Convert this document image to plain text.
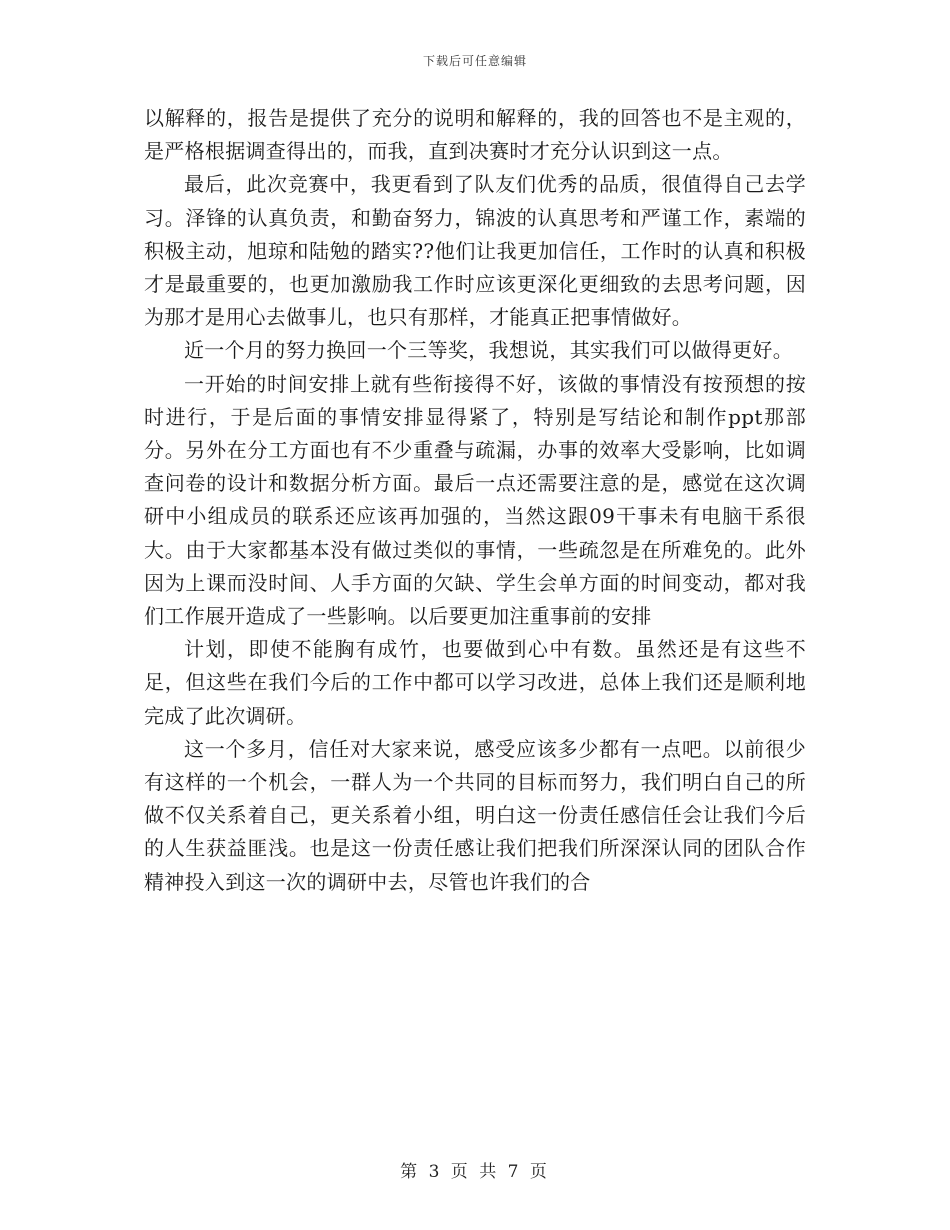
下载后可任意编辑

以解释的，报告是提供了充分的说明和解释的，我的回答也不是主观的，是严格根据调查得出的，而我，直到决赛时才充分认识到这一点。

最后，此次竞赛中，我更看到了队友们优秀的品质，很值得自己去学习。泽锋的认真负责，和勤奋努力，锦波的认真思考和严谨工作，素端的积极主动，旭琼和陆勉的踏实??他们让我更加信任，工作时的认真和积极才是最重要的，也更加激励我工作时应该更深化更细致的去思考问题，因为那才是用心去做事儿，也只有那样，才能真正把事情做好。

近一个月的努力换回一个三等奖，我想说，其实我们可以做得更好。

一开始的时间安排上就有些衔接得不好，该做的事情没有按预想的按时进行，于是后面的事情安排显得紧了，特别是写结论和制作ppt那部分。另外在分工方面也有不少重叠与疏漏，办事的效率大受影响，比如调查问卷的设计和数据分析方面。最后一点还需要注意的是，感觉在这次调研中小组成员的联系还应该再加强的，当然这跟09干事未有电脑干系很大。由于大家都基本没有做过类似的事情，一些疏忽是在所难免的。此外因为上课而没时间、人手方面的欠缺、学生会单方面的时间变动，都对我们工作展开造成了一些影响。以后要更加注重事前的安排

计划，即使不能胸有成竹，也要做到心中有数。虽然还是有这些不足，但这些在我们今后的工作中都可以学习改进，总体上我们还是顺利地完成了此次调研。

这一个多月，信任对大家来说，感受应该多少都有一点吧。以前很少有这样的一个机会，一群人为一个共同的目标而努力，我们明白自己的所做不仅关系着自己，更关系着小组，明白这一份责任感信任会让我们今后的人生获益匪浅。也是这一份责任感让我们把我们所深深认同的团队合作精神投入到这一次的调研中去，尽管也许我们的合

第 3 页 共 7 页
